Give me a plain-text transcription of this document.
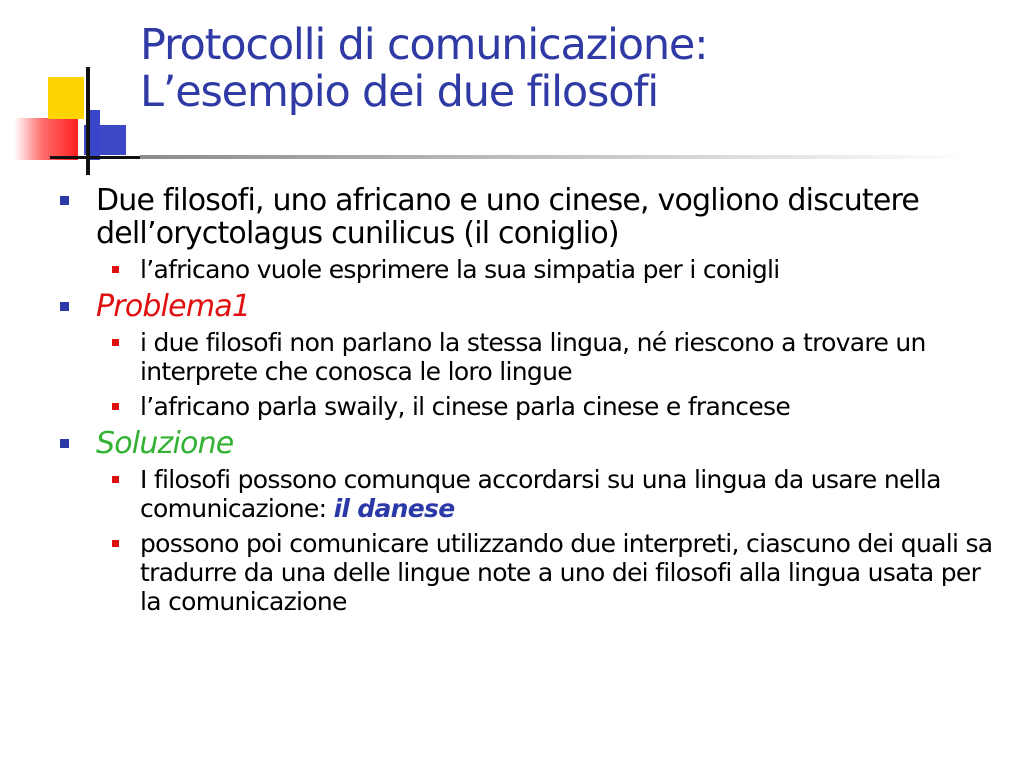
Protocolli di comunicazione:
L’esempio dei due filosofi
Due filosofi, uno africano e uno cinese, vogliono discutere dell’oryctolagus cunilicus (il coniglio)
l’africano vuole esprimere la sua simpatia per i conigli
Problema1
i due filosofi non parlano la stessa lingua, né riescono a trovare un interprete che conosca le loro lingue
l’africano parla swaily, il cinese parla cinese e francese
Soluzione
I filosofi possono comunque accordarsi su una lingua da usare nella comunicazione: il danese
possono poi comunicare utilizzando due interpreti, ciascuno dei quali sa tradurre da una delle lingue note a uno dei filosofi alla lingua usata per la comunicazione
